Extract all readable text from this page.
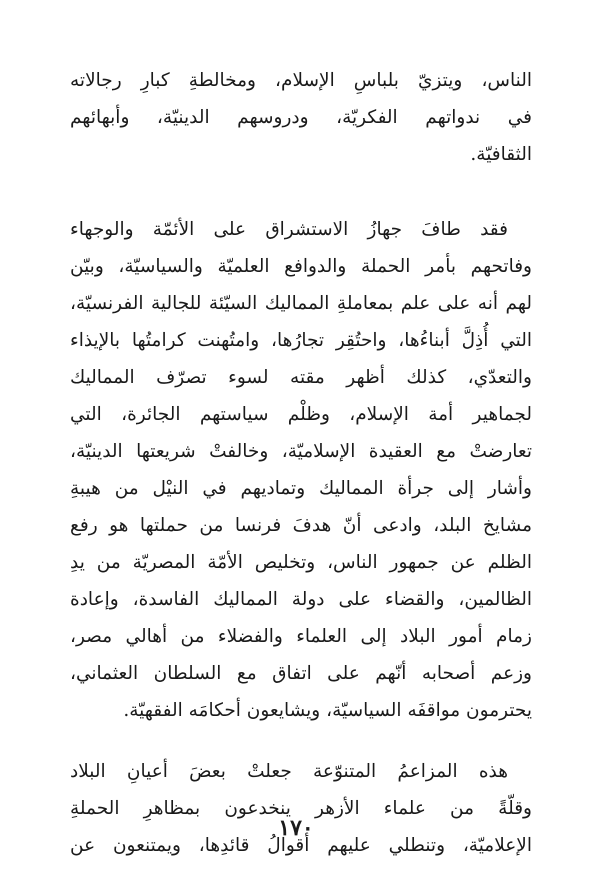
الناس، ويتزيّ بلباسِ الإسلام، ومخالطةِ كبارِ رجالاته
في ندواتهم الفكريّة، ودروسهم الدينيّة، وأبهائهم
الثقافيّة.
فقد طافَ جهازُ الاستشراق على الأئمّة والوجهاء
وفاتحهم بأمر الحملة والدوافع العلميّة والسياسيّة، وبيّن
لهم أنه على علم بمعاملةِ المماليك السيّئة للجالية الفرنسيّة،
التي أُذِلَّ أبناءُها، واحتُقِر تجارُها، وامتُهنت كرامتُها بالإيذاء
والتعدّي، كذلك أظهر مقته لسوء تصرّف المماليك
لجماهير أمة الإسلام، وظلْم سياستهم الجائرة، التي
تعارضتْ مع العقيدة الإسلاميّة، وخالفتْ شريعتها الدينيّة،
وأشار إلى جرأة المماليك وتماديهم في النيْل من هيبةِ
مشايخ البلد، وادعى أنّ هدفَ فرنسا من حملتها هو رفع
الظلم عن جمهور الناس، وتخليص الأمّة المصريّة من يدِ
الظالمين، والقضاء على دولة المماليك الفاسدة، وإعادة
زمام أمور البلاد إلى العلماء والفضلاء من أهالي مصر،
وزعم أصحابه أنّهم على اتفاق مع السلطان العثماني،
يحترمون مواقفَه السياسيّة، ويشايعون أحكامَه الفقهيّة.
هذه المزاعمُ المتنوّعة جعلتْ بعضَ أعيانِ البلاد
وقلّةً من علماء الأزهر ينخدعون بمظاهرِ الحملةِ
الإعلاميّة، وتنطلي عليهم أقوالُ قائدِها، ويمتنعون عن
١٧٠
